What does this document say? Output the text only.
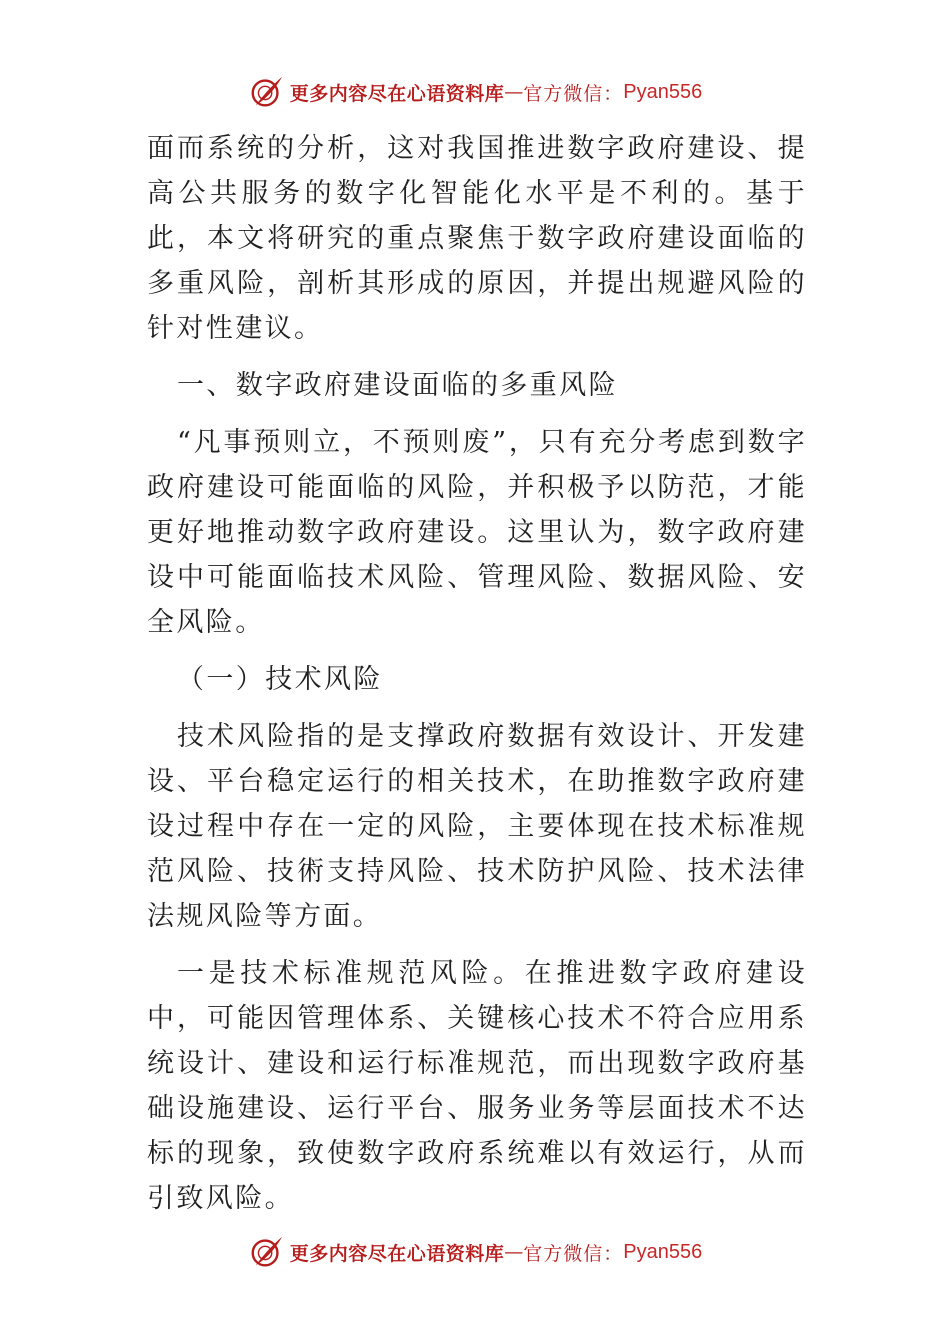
更多内容尽在心语资料库 — 官方微信： Pyan556

面而系统的分析，这对我国推进数字政府建设、提高公共服务的数字化智能化水平是不利的。基于此，本文将研究的重点聚焦于数字政府建设面临的多重风险，剖析其形成的原因，并提出规避风险的针对性建议。

一、数字政府建设面临的多重风险

“凡事预则立，不预则废”，只有充分考虑到数字政府建设可能面临的风险，并积极予以防范，才能更好地推动数字政府建设。这里认为，数字政府建设中可能面临技术风险、管理风险、数据风险、安全风险。

（一）技术风险

技术风险指的是支撑政府数据有效设计、开发建设、平台稳定运行的相关技术，在助推数字政府建设过程中存在一定的风险，主要体现在技术标准规范风险、技術支持风险、技术防护风险、技术法律法规风险等方面。

一是技术标准规范风险。在推进数字政府建设中，可能因管理体系、关键核心技术不符合应用系统设计、建设和运行标准规范，而出现数字政府基础设施建设、运行平台、服务业务等层面技术不达标的现象，致使数字政府系统难以有效运行，从而引致风险。

更多内容尽在心语资料库 — 官方微信： Pyan556
